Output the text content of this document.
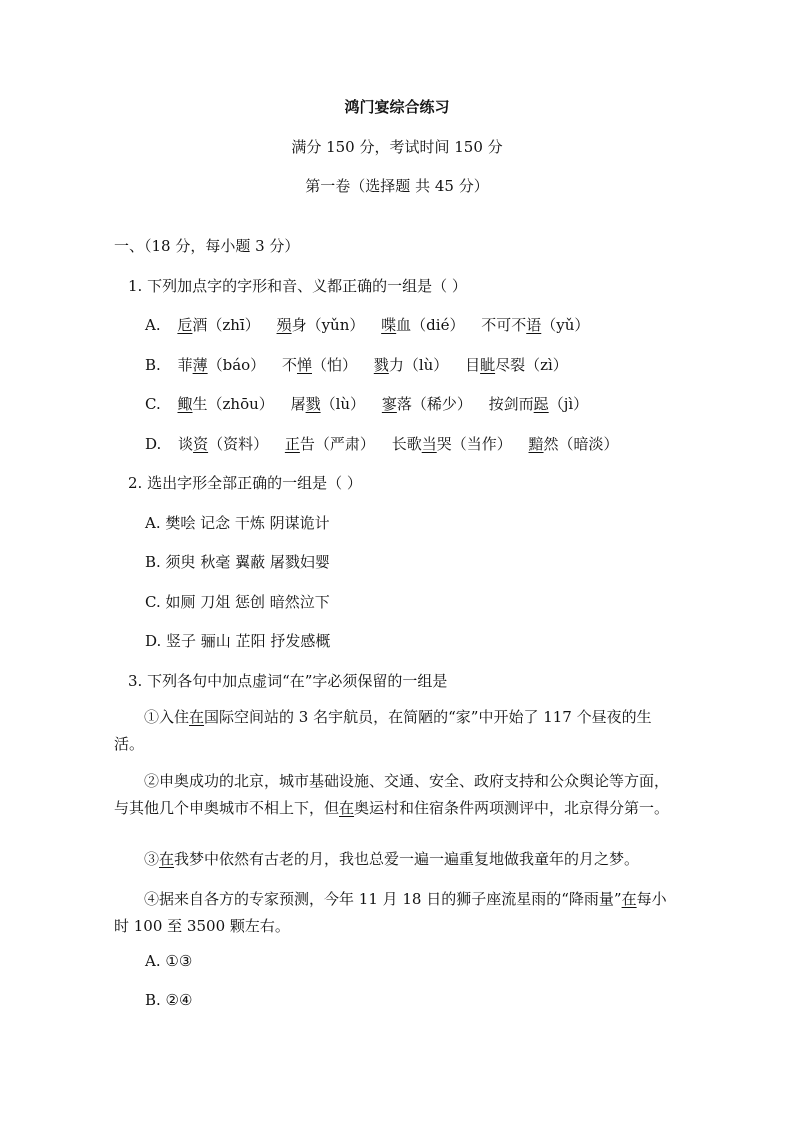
鸿门宴综合练习
满分 150 分，考试时间 150 分
第一卷（选择题 共 45 分）
一、（18 分，每小题 3 分）
1. 下列加点字的字形和音、义都正确的一组是（ ）
A. 卮酒（zhī） 殒身（yǔn） 喋血（dié） 不可不语（yǔ）
B. 菲薄（báo） 不惮（怕） 戮力（lù） 目眦尽裂（zì）
C. 鲰生（zhōu） 屠戮（lù） 寥落（稀少） 按剑而跽（jì）
D. 谈资（资料） 正告（严肃） 长歌当哭（当作） 黯然（暗淡）
2. 选出字形全部正确的一组是（ ）
A. 樊哙 记念 干炼 阴谋诡计
B. 须臾 秋毫 翼蔽 屠戮妇婴
C. 如厕 刀俎 惩创 暗然泣下
D. 竖子 骊山 芷阳 抒发感概
3. 下列各句中加点虚词“在”字必须保留的一组是
①入住在国际空间站的 3 名宇航员，在简陋的“家”中开始了 117 个昼夜的生活。
②申奥成功的北京，城市基础设施、交通、安全、政府支持和公众舆论等方面，与其他几个申奥城市不相上下，但在奥运村和住宿条件两项测评中，北京得分第一。
③在我梦中依然有古老的月，我也总爱一遍一遍重复地做我童年的月之梦。
④据来自各方的专家预测，今年 11 月 18 日的狮子座流星雨的“降雨量”在每小时 100 至 3500 颗左右。
A. ①③
B. ②④
